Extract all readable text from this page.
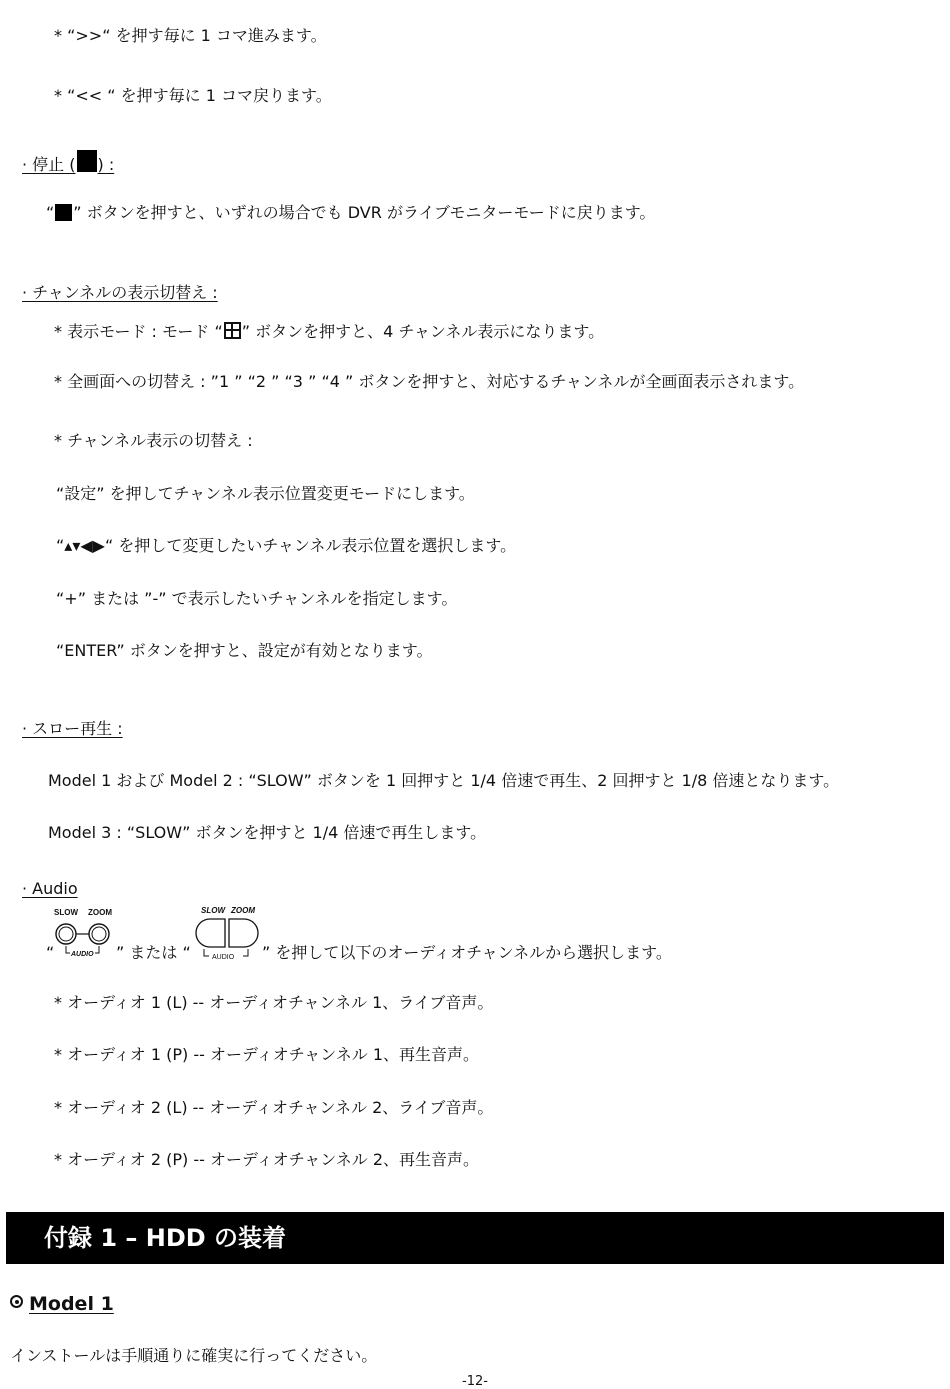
* “>>“ を押す毎に 1 コマ進みます。
* “<< “ を押す毎に 1 コマ戻ります。
· 停止 ( ) :
“ ” ボタンを押すと、いずれの場合でも DVR がライブモニターモードに戻ります。
· チャンネルの表示切替え :
* 表示モード : モード “ ” ボタンを押すと、4 チャンネル表示になります。
* 全画面への切替え : ”1 ” “2 ” “3 ” “4 ” ボタンを押すと、対応するチャンネルが全画面表示されます。
* チャンネル表示の切替え :
“設定” を押してチャンネル表示位置変更モードにします。
“▴▾◀▶“ を押して変更したいチャンネル表示位置を選択します。
“+” または ”-” で表示したいチャンネルを指定します。
“ENTER” ボタンを押すと、設定が有効となります。
· スロー再生 :
Model 1 および Model 2 : “SLOW” ボタンを 1 回押すと 1/4 倍速で再生、2 回押すと 1/8 倍速となります。
Model 3 : “SLOW” ボタンを押すと 1/4 倍速で再生します。
· Audio
SLOW ZOOM
AUDIO
SLOW ZOOM
AUDIO
“	” または “	” を押して以下のオーディオチャンネルから選択します。
* オーディオ 1 (L) -- オーディオチャンネル 1、ライブ音声。
* オーディオ 1 (P) -- オーディオチャンネル 1、再生音声。
* オーディオ 2 (L) -- オーディオチャンネル 2、ライブ音声。
* オーディオ 2 (P) -- オーディオチャンネル 2、再生音声。
付録 1 – HDD の装着
Model 1
インストールは手順通りに確実に行ってください。
-12-
